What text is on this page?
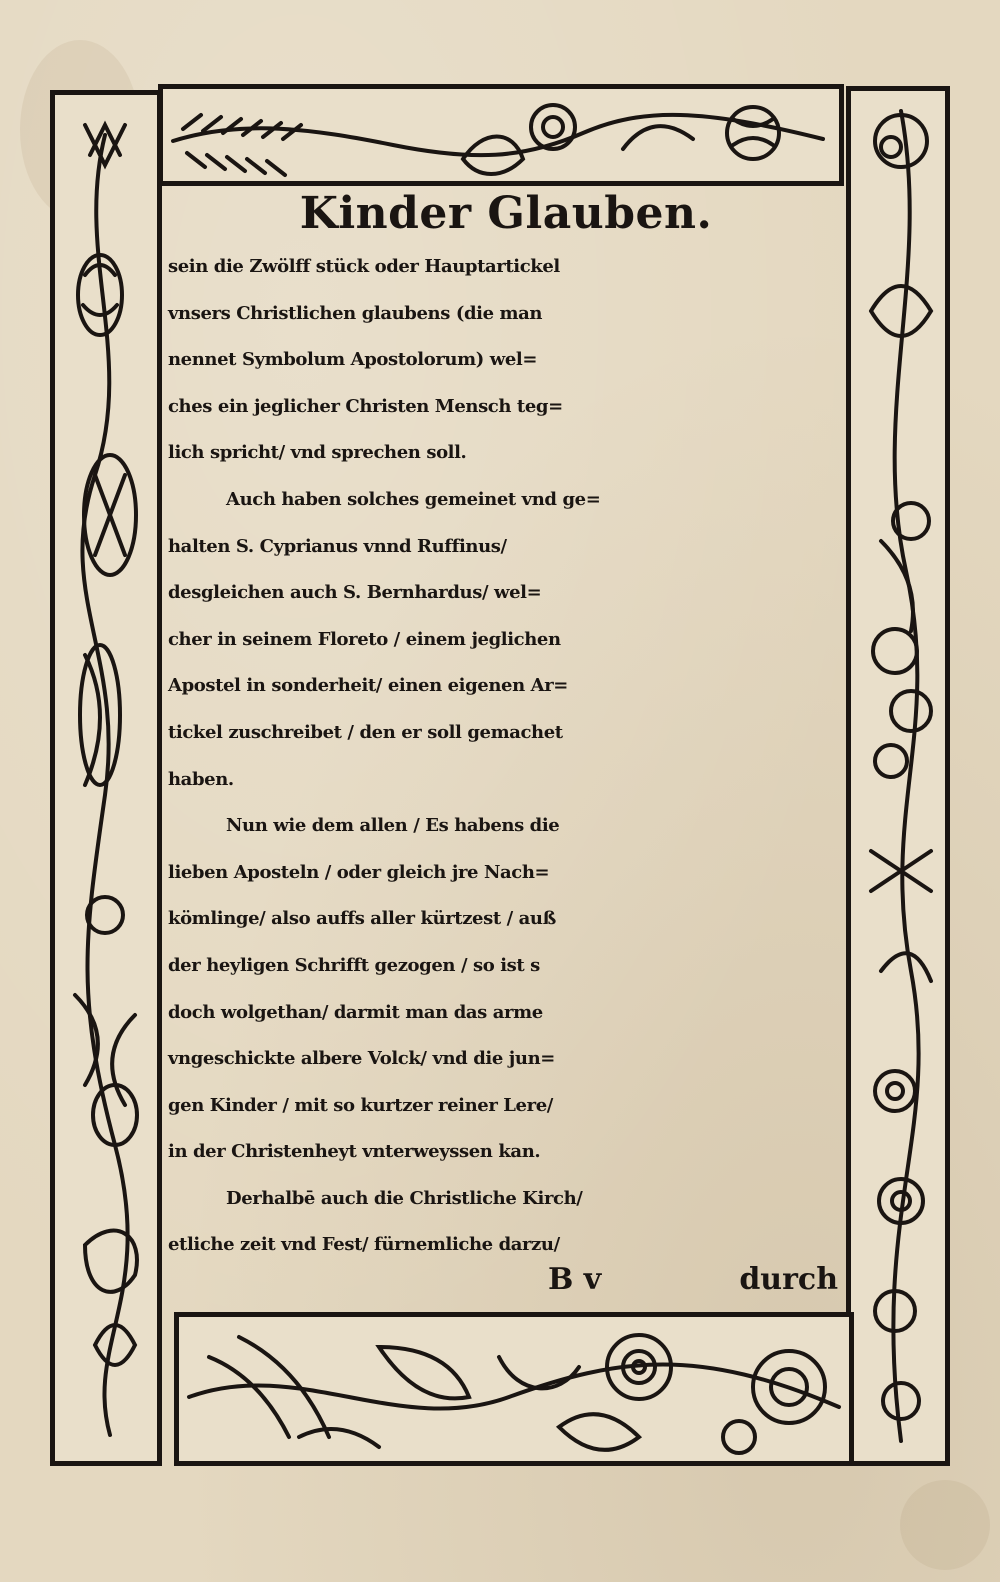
Kinder Glauben.
sein die Zwölff stück oder Hauptartickel
vnsers Christlichen glaubens (die man
nennet Symbolum Apostolorum) wel=
ches ein jeglicher Christen Mensch teg=
lich spricht/ vnd sprechen soll.
Auch haben solches gemeinet vnd ge=
halten S. Cyprianus vnnd Ruffinus/
desgleichen auch S. Bernhardus/ wel=
cher in seinem Floreto / einem jeglichen
Apostel in sonderheit/ einen eigenen Ar=
tickel zuschreibet / den er soll gemachet
haben.
Nun wie dem allen / Es habens die
lieben Aposteln / oder gleich jre Nach=
kömlinge/ also auffs aller kürtzest / auß
der heyligen Schrifft gezogen / so ist s
doch wolgethan/ darmit man das arme
vngeschickte albere Volck/ vnd die jun=
gen Kinder / mit so kurtzer reiner Lere/
in der Christenheyt vnterweyssen kan.
Derhalbē auch die Christliche Kirch/
etliche zeit vnd Fest/ fürnemliche darzu/
B v	durch
